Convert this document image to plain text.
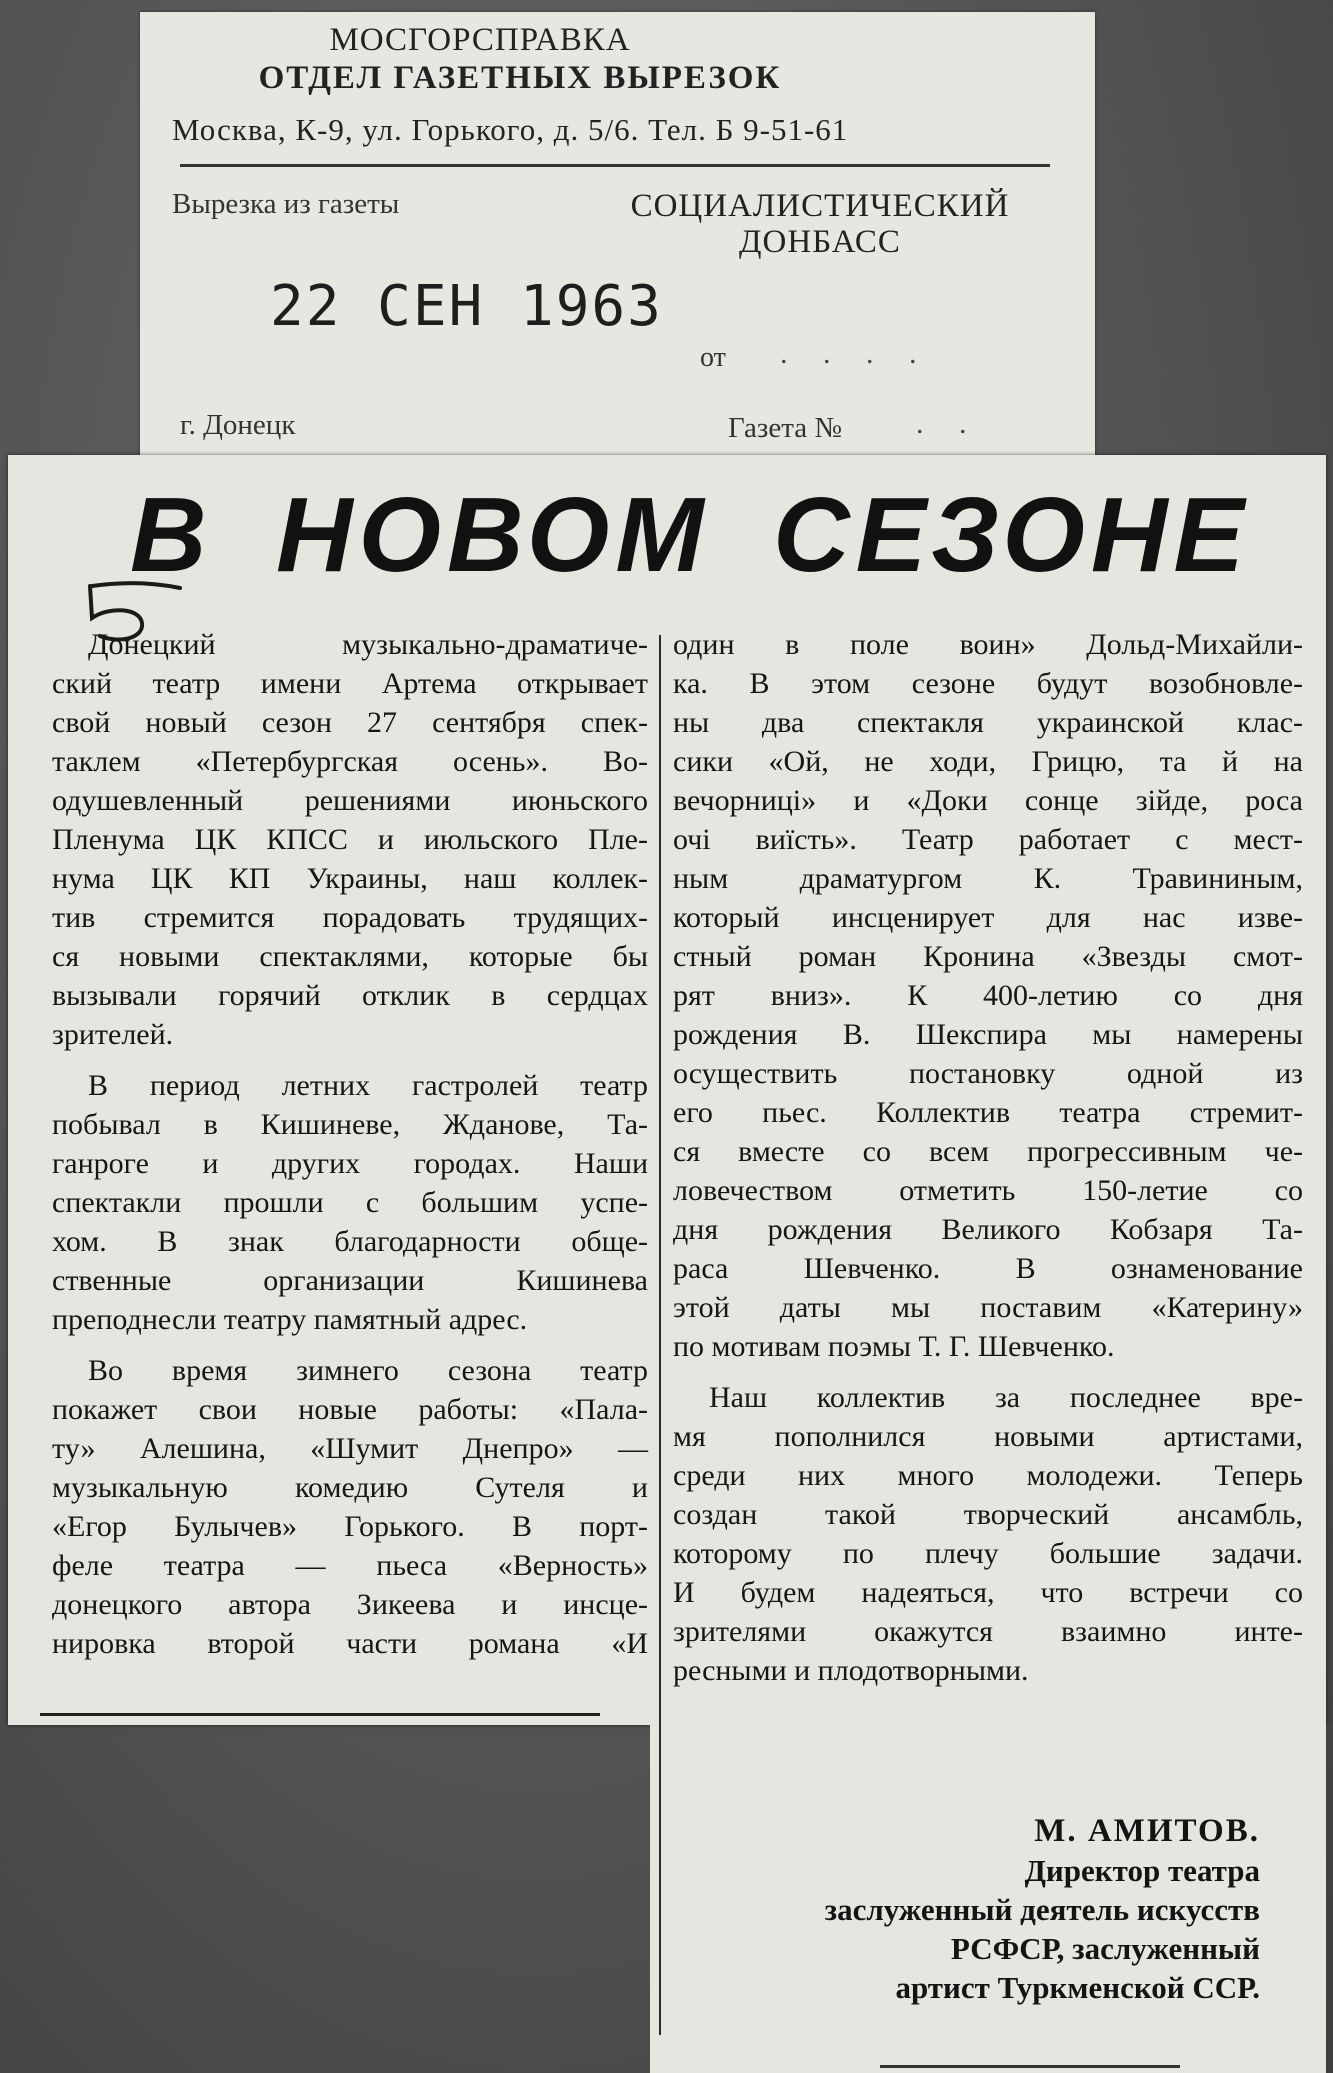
МОСГОРСПРАВКА
ОТДЕЛ ГАЗЕТНЫХ ВЫРЕЗОК
Москва, К-9, ул. Горького, д. 5/6. Тел. Б 9-51-61
Вырезка из газеты	СОЦИАЛИСТИЧЕСКИЙ ДОНБАСС
22 СЕН 1963
от . . . .
г. Донецк	Газета № . .
В НОВОМ СЕЗОНЕ

Донецкий музыкально-драматиче-

ский театр имени Артема открывает

свой новый сезон 27 сентября спек-

таклем «Петербургская осень». Во-

одушевленный решениями июньского

Пленума ЦК КПСС и июльского Пле-

нума ЦК КП Украины, наш коллек-

тив стремится порадовать трудящих-

ся новыми спектаклями, которые бы

вызывали горячий отклик в сердцах

зрителей.

В период летних гастролей театр

побывал в Кишиневе, Жданове, Та-

ганроге и других городах. Наши

спектакли прошли с большим успе-

хом. В знак благодарности обще-

ственные организации Кишинева

преподнесли театру памятный адрес.

Во время зимнего сезона театр

покажет свои новые работы: «Пала-

ту» Алешина, «Шумит Днепро» —

музыкальную комедию Сутеля и

«Егор Булычев» Горького. В порт-

феле театра — пьеса «Верность»

донецкого автора Зикеева и инсце-

нировка второй части романа «И

один в поле воин» Дольд-Михайли-

ка. В этом сезоне будут возобновле-

ны два спектакля украинской клас-

сики «Ой, не ходи, Грицю, та й на

вечорниці» и «Доки сонце зійде, роса

очі виїсть». Театр работает с мест-

ным драматургом К. Травининым,

который инсценирует для нас изве-

стный роман Кронина «Звезды смот-

рят вниз». К 400-летию со дня

рождения В. Шекспира мы намерены

осуществить постановку одной из

его пьес. Коллектив театра стремит-

ся вместе со всем прогрессивным че-

ловечеством отметить 150-летие со

дня рождения Великого Кобзаря Та-

раса Шевченко. В ознаменование

этой даты мы поставим «Катерину»

по мотивам поэмы Т. Г. Шевченко.

Наш коллектив за последнее вре-

мя пополнился новыми артистами,

среди них много молодежи. Теперь

создан такой творческий ансамбль,

которому по плечу большие задачи.

И будем надеяться, что встречи со

зрителями окажутся взаимно инте-

ресными и плодотворными.

М. АМИТОВ.
Директор театра
заслуженный деятель искусств
РСФСР, заслуженный
артист Туркменской ССР.
